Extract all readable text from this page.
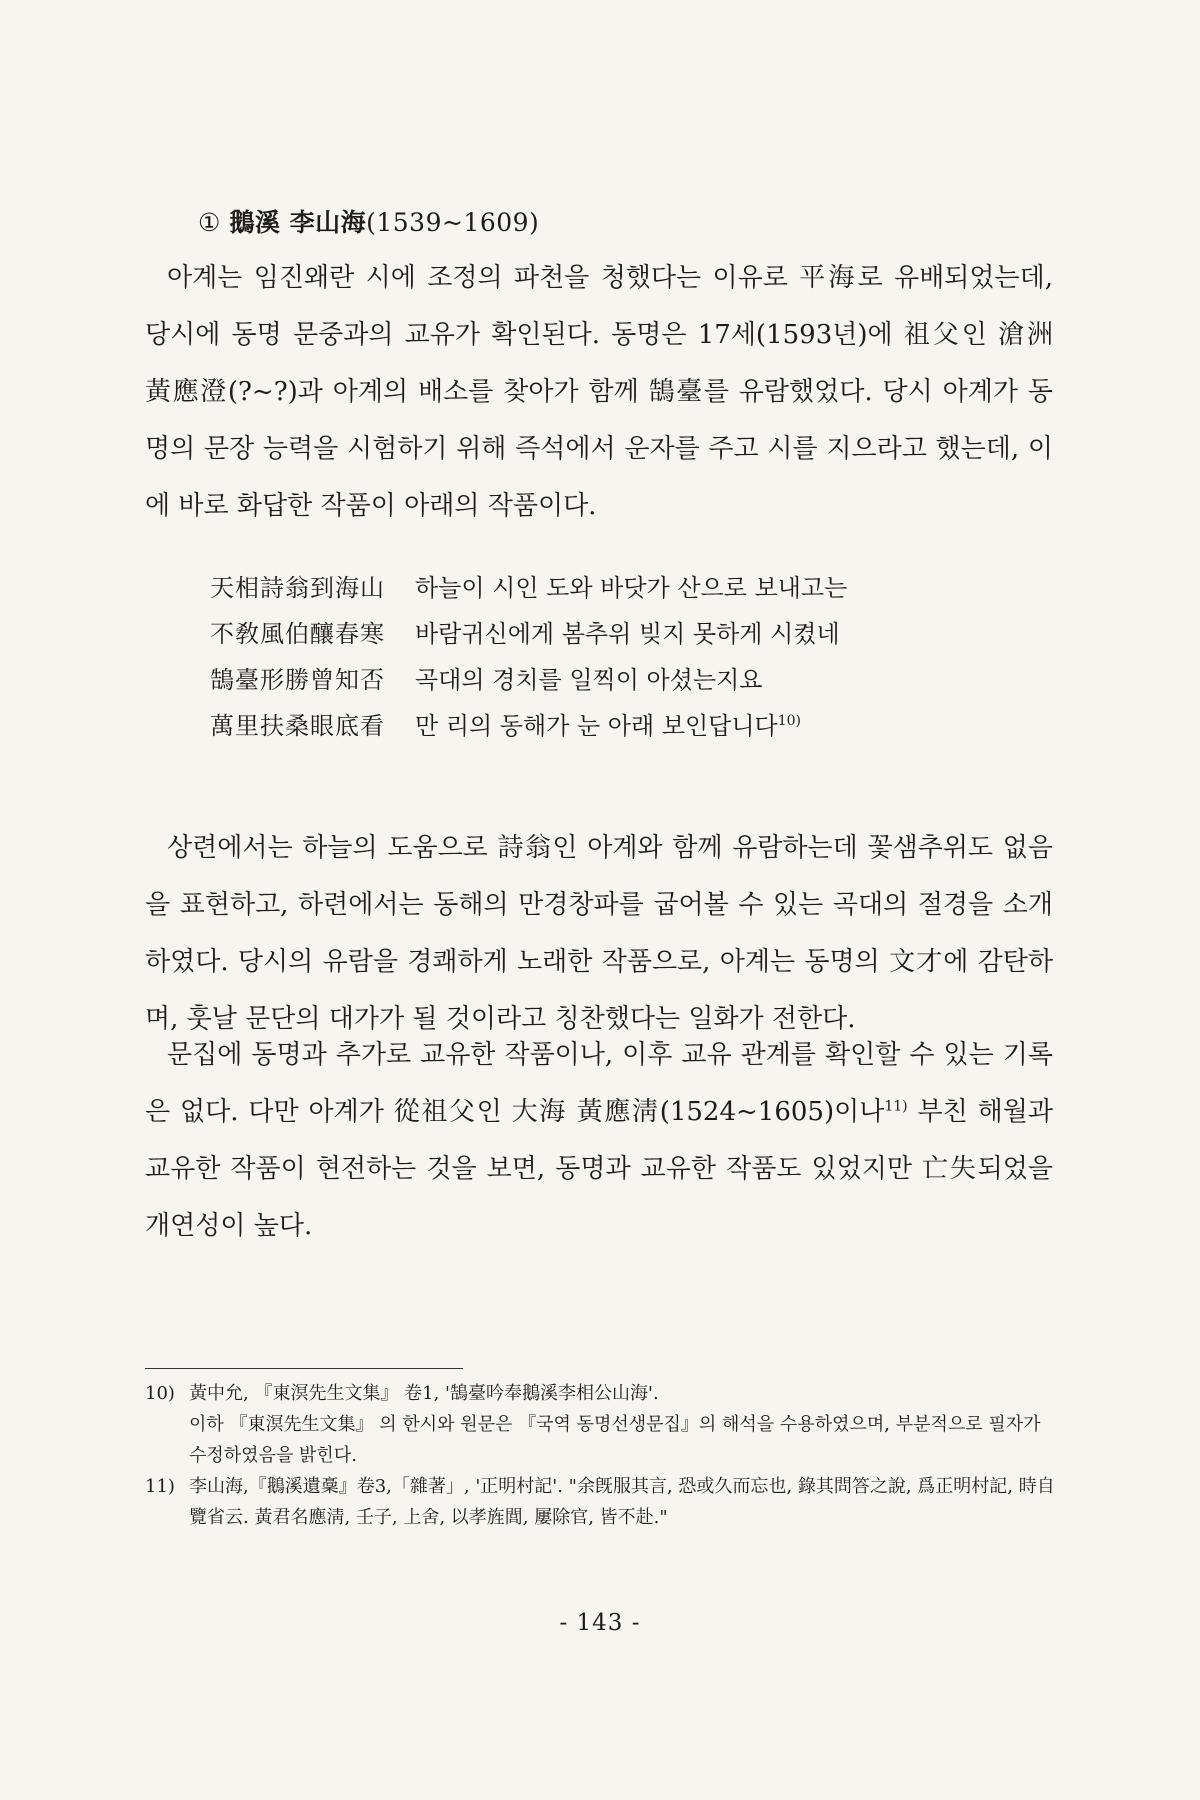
① 鵝溪 李山海(1539~1609)
아계는 임진왜란 시에 조정의 파천을 청했다는 이유로 平海로 유배되었는데, 당시에 동명 문중과의 교유가 확인된다. 동명은 17세(1593년)에 祖父인 滄洲 黃應澄(?~?)과 아계의 배소를 찾아가 함께 鵠臺를 유람했었다. 당시 아계가 동명의 문장 능력을 시험하기 위해 즉석에서 운자를 주고 시를 지으라고 했는데, 이에 바로 화답한 작품이 아래의 작품이다.
天相詩翁到海山	하늘이 시인 도와 바닷가 산으로 보내고는
不敎風伯釀春寒	바람귀신에게 봄추위 빚지 못하게 시켰네
鵠臺形勝曾知否	곡대의 경치를 일찍이 아셨는지요
萬里扶桑眼底看	만 리의 동해가 눈 아래 보인답니다$^{10)}$
상련에서는 하늘의 도움으로 詩翁인 아계와 함께 유람하는데 꽃샘추위도 없음을 표현하고, 하련에서는 동해의 만경창파를 굽어볼 수 있는 곡대의 절경을 소개하였다. 당시의 유람을 경쾌하게 노래한 작품으로, 아계는 동명의 文才에 감탄하며, 훗날 문단의 대가가 될 것이라고 칭찬했다는 일화가 전한다.
문집에 동명과 추가로 교유한 작품이나, 이후 교유 관계를 확인할 수 있는 기록은 없다. 다만 아계가 從祖父인 大海 黃應淸(1524~1605)이나$^{11)}$ 부친 해월과 교유한 작품이 현전하는 것을 보면, 동명과 교유한 작품도 있었지만 亡失되었을 개연성이 높다.
10) 黃中允, 『東溟先生文集』 卷1, '鵠臺吟奉鵝溪李相公山海'.
이하 『東溟先生文集』 의 한시와 원문은 『국역 동명선생문집』의 해석을 수용하였으며, 부분적으로 필자가 수정하였음을 밝힌다.
11) 李山海,『鵝溪遺稾』卷3,「雜著」, '正明村記'. "余旣服其言, 恐或久而忘也, 錄其問答之說, 爲正明村記, 時自覽省云. 黃君名應淸, 壬子, 上舍, 以孝旌閭, 屢除官, 皆不赴."
- 143 -
